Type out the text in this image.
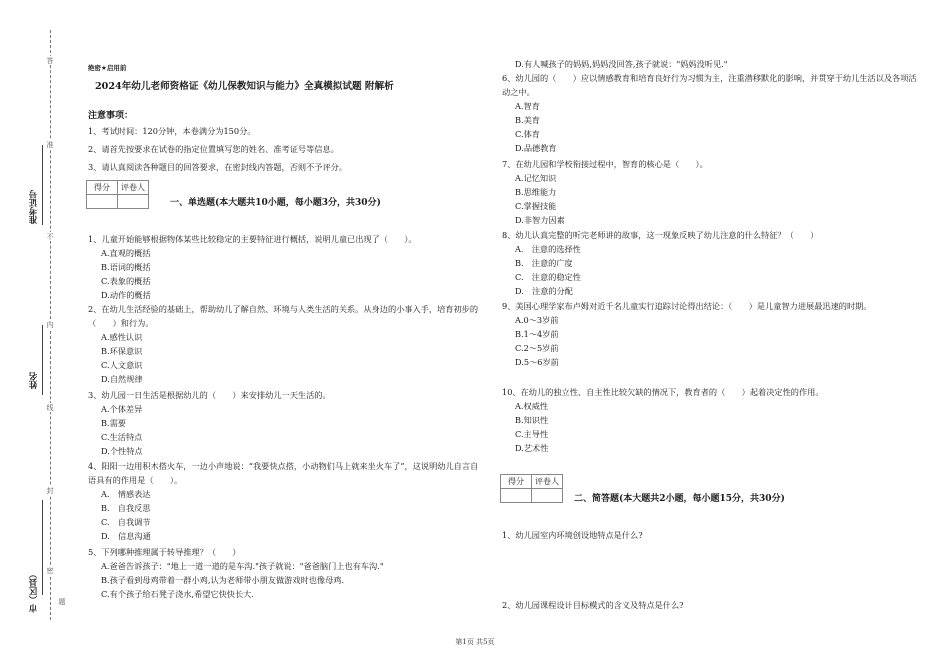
答
准
不
内
线
封
密
题
准考证号
姓名
市（区县）
绝密★启用前
2024年幼儿老师资格证《幼儿保教知识与能力》全真模拟试题 附解析
注意事项：
1、考试时间：120分钟，本卷满分为150分。
2、请首先按要求在试卷的指定位置填写您的姓名、准考证号等信息。
3、请认真阅读各种题目的回答要求，在密封线内答题，否则不予评分。
得分	评卷人

一、单选题(本大题共10小题，每小题3分，共30分)
1、儿童开始能够根据物体某些比较稳定的主要特征进行概括，说明儿童已出现了（　　）。
A.直观的概括
B.语词的概括
C.表象的概括
D.动作的概括
2、在幼儿生活经验的基础上，帮助幼儿了解自然、环境与人类生活的关系。从身边的小事入手，培育初步的（　　）和行为。
A.感性认识
B.环保意识
C.人文意识
D.自然规律
3、幼儿园一日生活是根据幼儿的（　　）来安排幼儿一天生活的。
A.个体差异
B.需要
C.生活特点
D.个性特点
4、阳阳一边用积木搭火车，一边小声地说：“我要快点搭，小动物们马上就来坐火车了”，这说明幼儿自言自语具有的作用是（　　）。
A.　情感表达
B.　自我反思
C.　自我调节
D.　信息沟通
5、下列哪种推理属于转导推理？（　　）
A.爸爸告诉孩子："地上一道一道的是车沟."孩子就说："爸爸脑门上也有车沟."
B.孩子看到母鸡带着一群小鸡,认为老师带小朋友做游戏时也像母鸡.
C.有个孩子给石凳子浇水,希望它快快长大.
D.有人喊孩子的妈妈,妈妈没回答,孩子就说："妈妈没听见."
6、幼儿园的（　　）应以情感教育和培育良好行为习惯为主，注重潜移默化的影响，并贯穿于幼儿生活以及各项活动之中。
A.智育
B.美育
C.体育
D.品德教育
7、在幼儿园和学校衔接过程中，智育的核心是（　　）。
A.记忆知识
B.思维能力
C.掌握技能
D.非智力因素
8、幼儿认真完整的听完老师讲的故事，这一现象反映了幼儿注意的什么特征？（　　）
A.　注意的选择性
B.　注意的广度
C.　注意的稳定性
D.　注意的分配
9、美国心理学家布卢姆对近千名儿童实行追踪讨论得出结论：（　　）是儿童智力进展最迅速的时期。
A.0～3岁前
B.1～4岁前
C.2～5岁前
D.5～6岁前
10、在幼儿的独立性、自主性比较欠缺的情况下，教育者的（　　）起着决定性的作用。
A.权威性
B.知识性
C.主导性
D.艺术性
得分	评卷人

二、简答题(本大题共2小题，每小题15分，共30分)
1、幼儿园室内环境创设地特点是什么?
2、幼儿园课程设计目标模式的含义及特点是什么?
第1页 共5页
